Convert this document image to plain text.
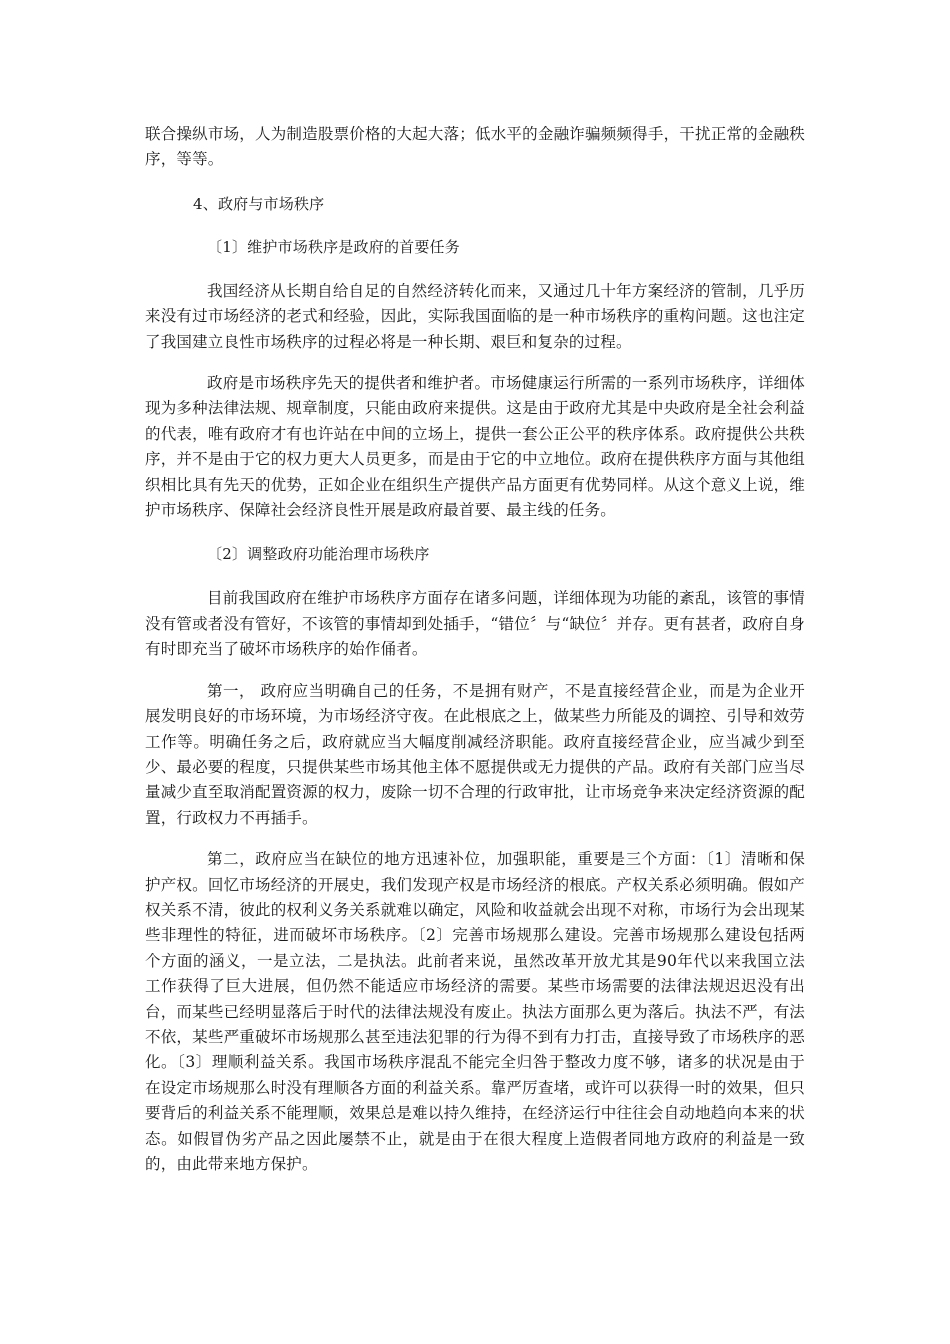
联合操纵市场，人为制造股票价格的大起大落；低水平的金融诈骗频频得手，干扰正常的金融秩序，等等。

4、政府与市场秩序

〔1〕维护市场秩序是政府的首要任务

我国经济从长期自给自足的自然经济转化而来，又通过几十年方案经济的管制，几乎历来没有过市场经济的老式和经验，因此，实际我国面临的是一种市场秩序的重构问题。这也注定了我国建立良性市场秩序的过程必将是一种长期、艰巨和复杂的过程。

政府是市场秩序先天的提供者和维护者。市场健康运行所需的一系列市场秩序，详细体现为多种法律法规、规章制度，只能由政府来提供。这是由于政府尤其是中央政府是全社会利益的代表，唯有政府才有也许站在中间的立场上，提供一套公正公平的秩序体系。政府提供公共秩序，并不是由于它的权力更大人员更多，而是由于它的中立地位。政府在提供秩序方面与其他组织相比具有先天的优势，正如企业在组织生产提供产品方面更有优势同样。从这个意义上说，维护市场秩序、保障社会经济良性开展是政府最首要、最主线的任务。

〔2〕调整政府功能治理市场秩序

目前我国政府在维护市场秩序方面存在诸多问题，详细体现为功能的紊乱，该管的事情没有管或者没有管好，不该管的事情却到处插手，“错位〞与“缺位〞并存。更有甚者，政府自身有时即充当了破坏市场秩序的始作俑者。

第一， 政府应当明确自己的任务，不是拥有财产，不是直接经营企业，而是为企业开展发明良好的市场环境，为市场经济守夜。在此根底之上，做某些力所能及的调控、引导和效劳工作等。明确任务之后，政府就应当大幅度削减经济职能。政府直接经营企业，应当减少到至少、最必要的程度，只提供某些市场其他主体不愿提供或无力提供的产品。政府有关部门应当尽量减少直至取消配置资源的权力，废除一切不合理的行政审批，让市场竞争来决定经济资源的配置，行政权力不再插手。

第二，政府应当在缺位的地方迅速补位，加强职能，重要是三个方面：〔1〕清晰和保护产权。回忆市场经济的开展史，我们发现产权是市场经济的根底。产权关系必须明确。假如产权关系不清，彼此的权利义务关系就难以确定，风险和收益就会出现不对称，市场行为会出现某些非理性的特征，进而破坏市场秩序。〔2〕完善市场规那么建设。完善市场规那么建设包括两个方面的涵义，一是立法，二是执法。此前者来说，虽然改革开放尤其是90年代以来我国立法工作获得了巨大进展，但仍然不能适应市场经济的需要。某些市场需要的法律法规迟迟没有出台，而某些已经明显落后于时代的法律法规没有废止。执法方面那么更为落后。执法不严，有法不依，某些严重破坏市场规那么甚至违法犯罪的行为得不到有力打击，直接导致了市场秩序的恶化。〔3〕理顺利益关系。我国市场秩序混乱不能完全归咎于整改力度不够，诸多的状况是由于在设定市场规那么时没有理顺各方面的利益关系。靠严厉查堵，或许可以获得一时的效果，但只要背后的利益关系不能理顺，效果总是难以持久维持，在经济运行中往往会自动地趋向本来的状态。如假冒伪劣产品之因此屡禁不止，就是由于在很大程度上造假者同地方政府的利益是一致的，由此带来地方保护。
